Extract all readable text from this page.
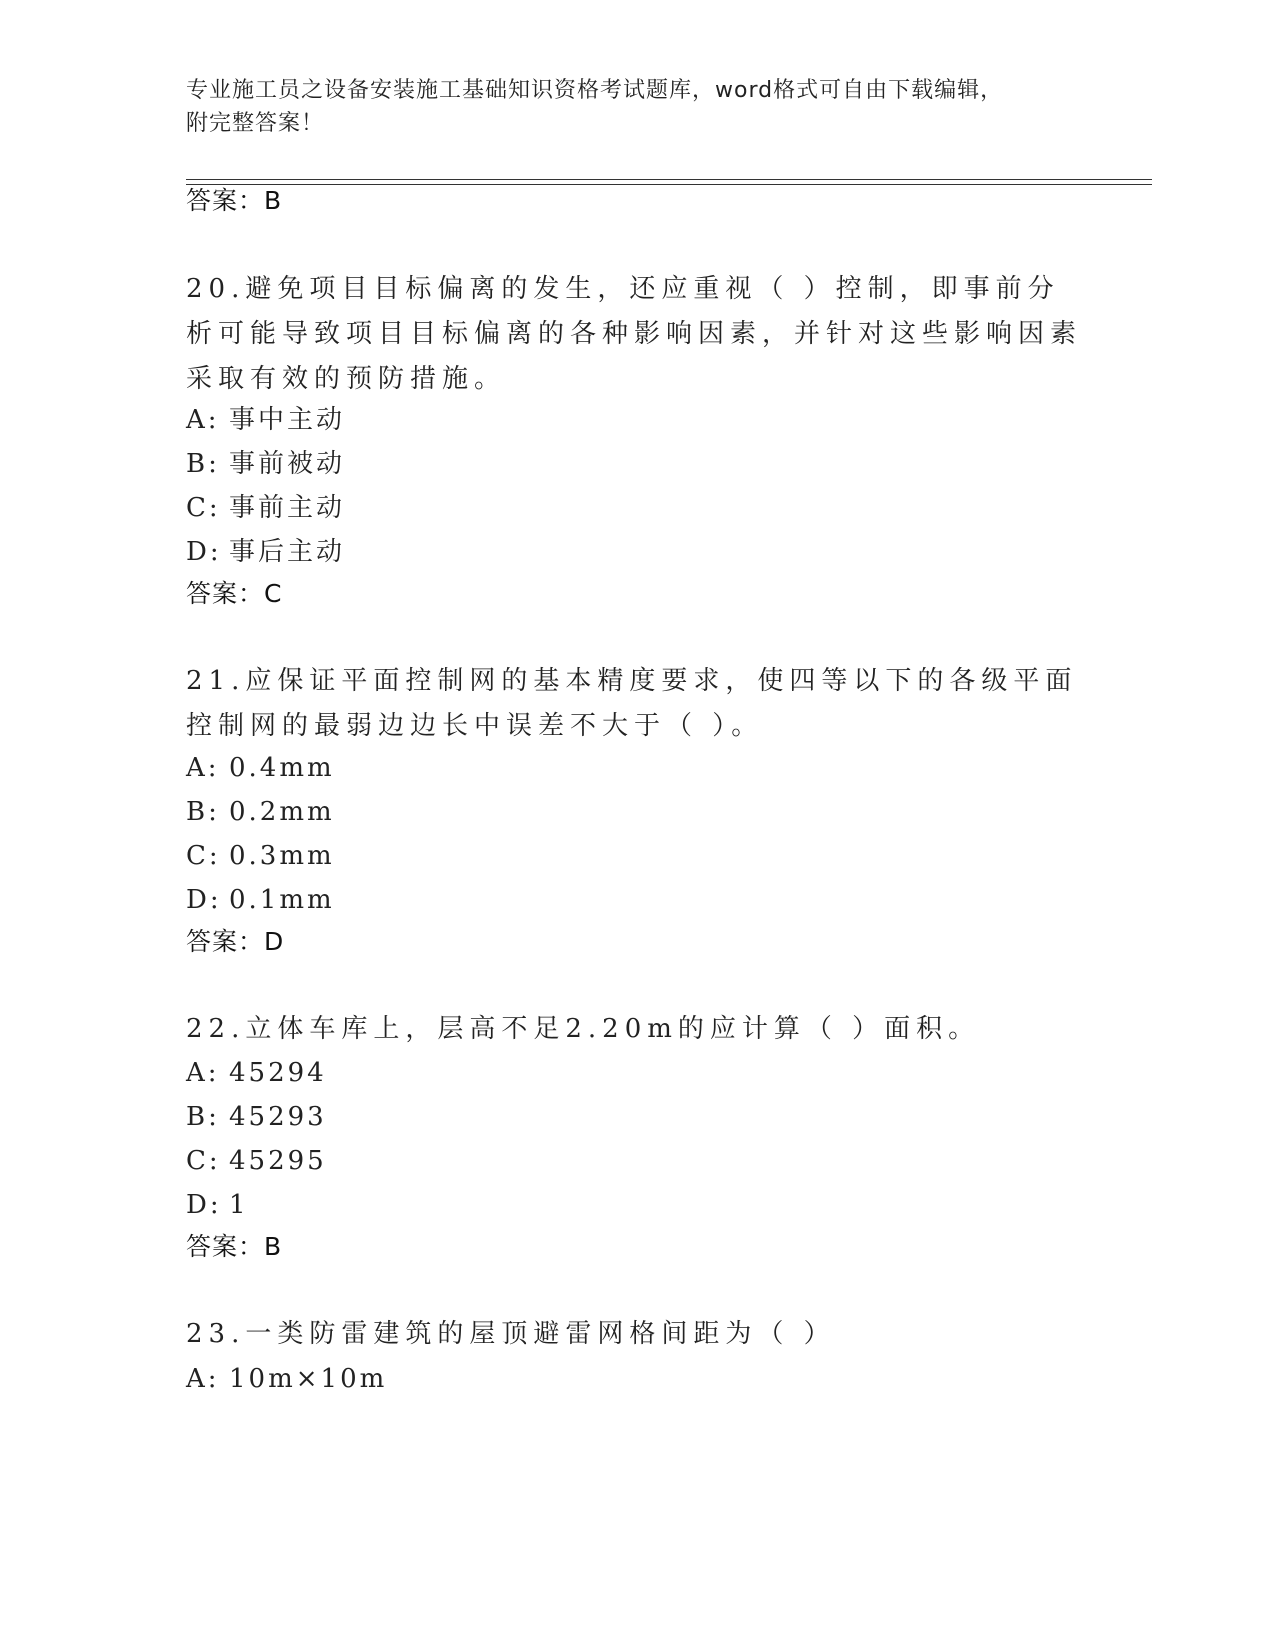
专业施工员之设备安装施工基础知识资格考试题库，word格式可自由下载编辑，
附完整答案！
答案：B
20.避免项目目标偏离的发生，还应重视（ ）控制，即事前分析可能导致项目目标偏离的各种影响因素，并针对这些影响因素采取有效的预防措施。
A: 事中主动
B: 事前被动
C: 事前主动
D: 事后主动
答案：C
21.应保证平面控制网的基本精度要求，使四等以下的各级平面控制网的最弱边边长中误差不大于（ ）。
A: 0.4mm
B: 0.2mm
C: 0.3mm
D: 0.1mm
答案：D
22.立体车库上，层高不足2.20m的应计算（ ）面积。
A: 45294
B: 45293
C: 45295
D: 1
答案：B
23.一类防雷建筑的屋顶避雷网格间距为（ ）
A: 10m×10m
